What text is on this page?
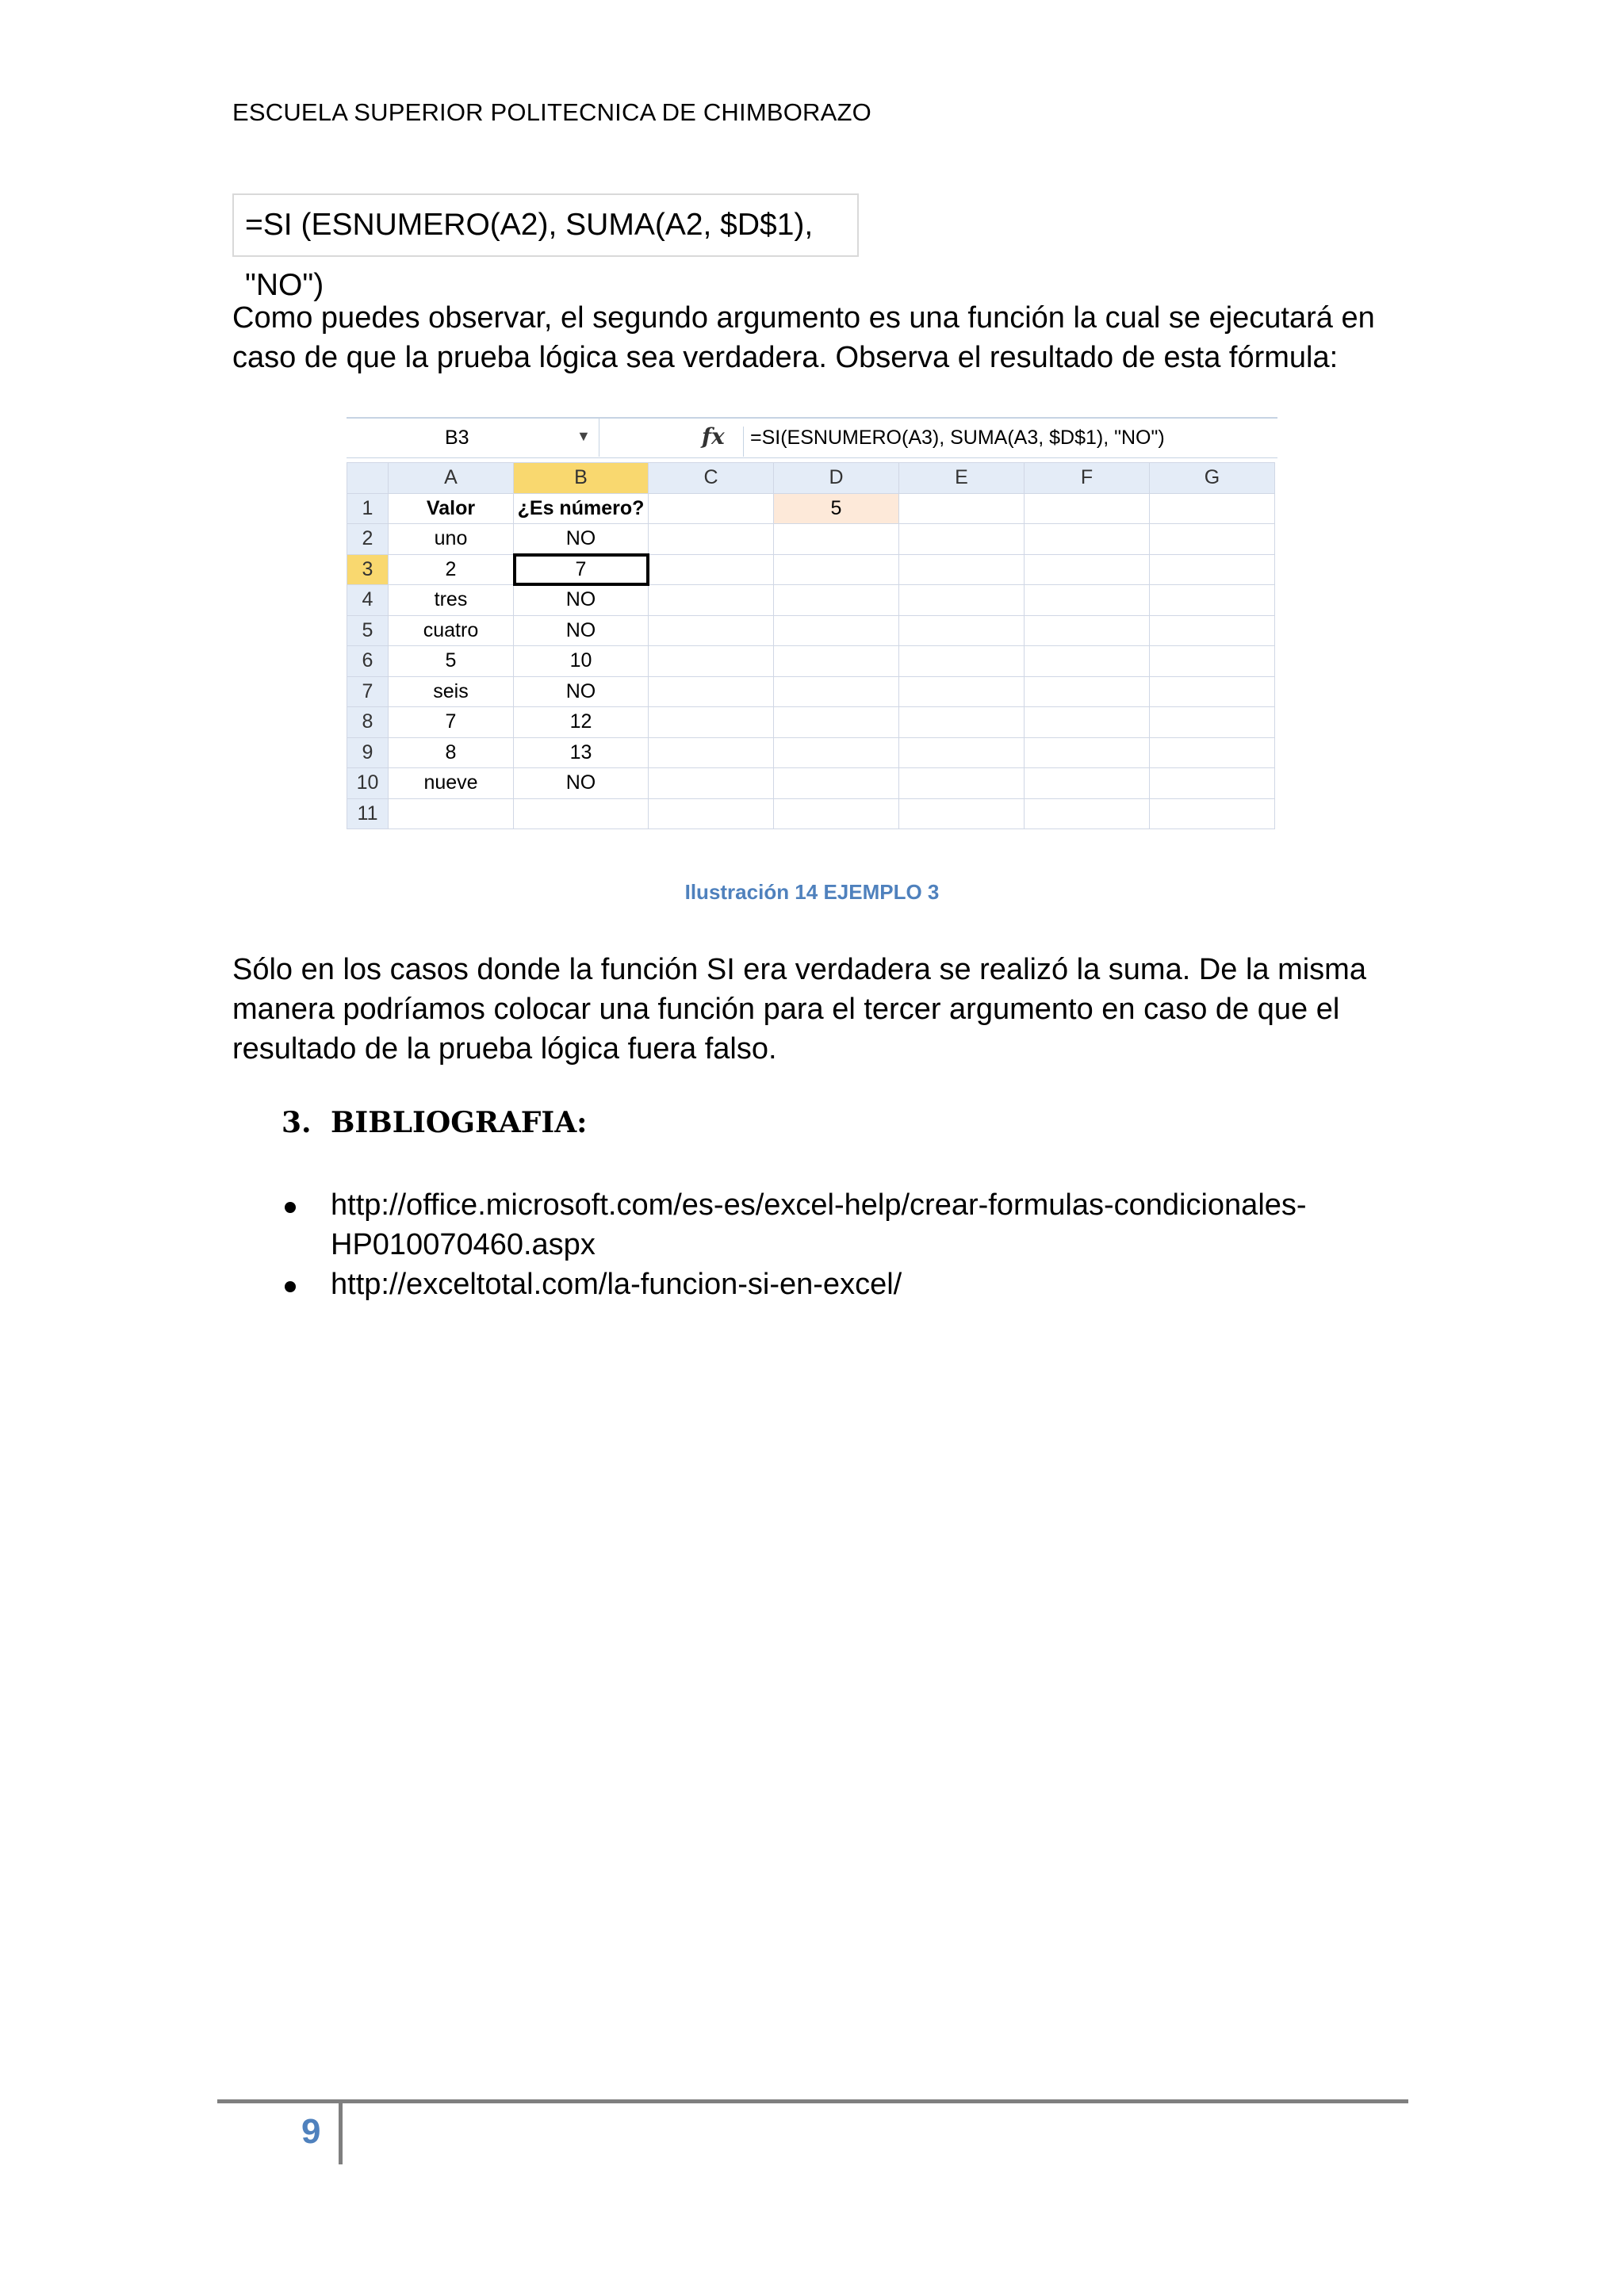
ESCUELA SUPERIOR POLITECNICA DE CHIMBORAZO
=SI (ESNUMERO(A2), SUMA(A2, $D$1), "NO")
Como puedes observar, el segundo argumento es una función la cual se ejecutará en caso de que la prueba lógica sea verdadera. Observa el resultado de esta fórmula:
B3	▼	fx	=SI(ESNUMERO(A3), SUMA(A3, $D$1), "NO")
	A	B	C	D	E	F	G
1	Valor	¿Es número?		5			
2	uno	NO					
3	2	7					
4	tres	NO					
5	cuatro	NO					
6	5	10					
7	seis	NO					
8	7	12					
9	8	13					
10	nueve	NO					
11							
Ilustración 14 EJEMPLO 3
Sólo en los casos donde la función SI era verdadera se realizó la suma. De la misma manera podríamos colocar una función para el tercer argumento en caso de que el resultado de la prueba lógica fuera falso.
3. BIBLIOGRAFIA:
http://office.microsoft.com/es-es/excel-help/crear-formulas-condicionales-HP010070460.aspx
http://exceltotal.com/la-funcion-si-en-excel/
9
